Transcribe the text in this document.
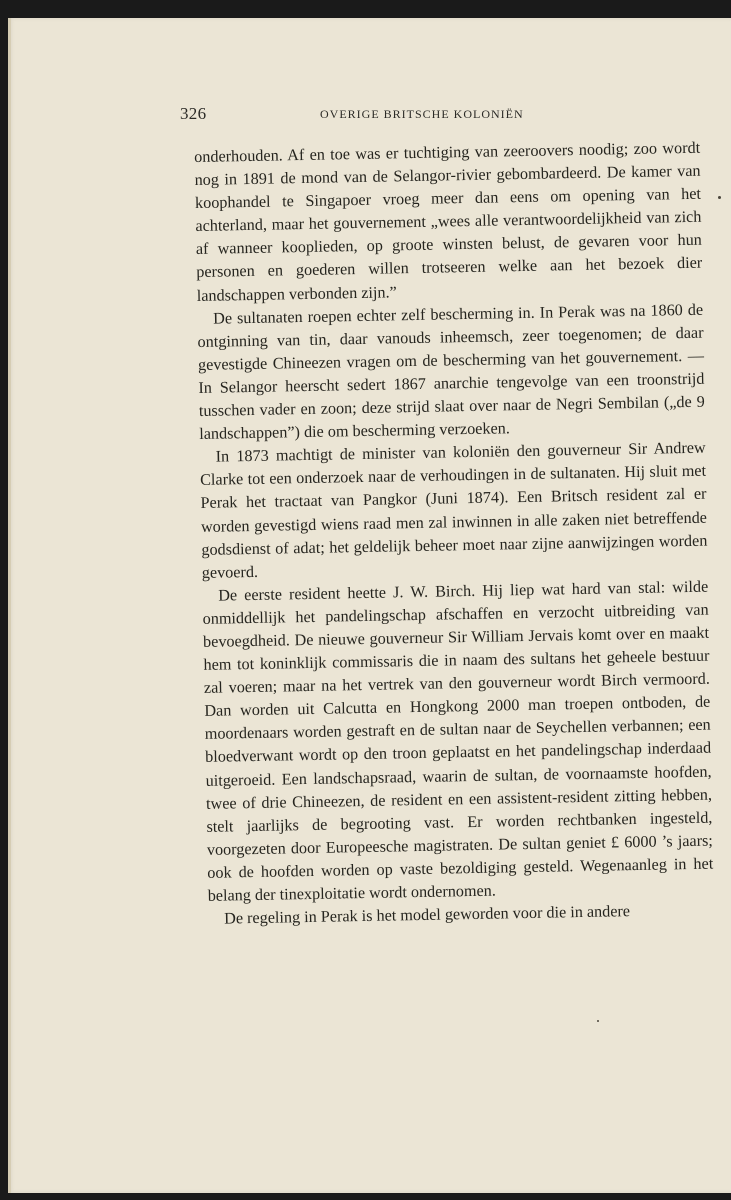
326	OVERIGE BRITSCHE KOLONIËN

onderhouden. Af en toe was er tuchtiging van zeeroovers noodig; zoo wordt nog in 1891 de mond van de Selangor-rivier gebombardeerd. De kamer van koophandel te Singapoer vroeg meer dan eens om opening van het achterland, maar het gouvernement „wees alle verantwoordelijkheid van zich af wanneer kooplieden, op groote winsten belust, de gevaren voor hun personen en goederen willen trotseeren welke aan het bezoek dier landschappen verbonden zijn.”

De sultanaten roepen echter zelf bescherming in. In Perak was na 1860 de ontginning van tin, daar vanouds inheemsch, zeer toegenomen; de daar gevestigde Chineezen vragen om de bescherming van het gouvernement. — In Selangor heerscht sedert 1867 anarchie tengevolge van een troonstrijd tusschen vader en zoon; deze strijd slaat over naar de Negri Sembilan („de 9 landschappen”) die om bescherming verzoeken.

In 1873 machtigt de minister van koloniën den gouverneur Sir Andrew Clarke tot een onderzoek naar de verhoudingen in de sultanaten. Hij sluit met Perak het tractaat van Pangkor (Juni 1874). Een Britsch resident zal er worden gevestigd wiens raad men zal inwinnen in alle zaken niet betreffende godsdienst of adat; het geldelijk beheer moet naar zijne aanwijzingen worden gevoerd.

De eerste resident heette J. W. Birch. Hij liep wat hard van stal: wilde onmiddellijk het pandelingschap afschaffen en verzocht uitbreiding van bevoegdheid. De nieuwe gouverneur Sir William Jervais komt over en maakt hem tot koninklijk commissaris die in naam des sultans het geheele bestuur zal voeren; maar na het vertrek van den gouverneur wordt Birch vermoord. Dan worden uit Calcutta en Hongkong 2000 man troepen ontboden, de moordenaars worden gestraft en de sultan naar de Seychellen verbannen; een bloedverwant wordt op den troon geplaatst en het pandelingschap inderdaad uitgeroeid. Een landschapsraad, waarin de sultan, de voornaamste hoofden, twee of drie Chineezen, de resident en een assistent-resident zitting hebben, stelt jaarlijks de begrooting vast. Er worden rechtbanken ingesteld, voorgezeten door Europeesche magistraten. De sultan geniet £ 6000 ’s jaars; ook de hoofden worden op vaste bezoldiging gesteld. Wegenaanleg in het belang der tinexploitatie wordt ondernomen.

De regeling in Perak is het model geworden voor die in andere
